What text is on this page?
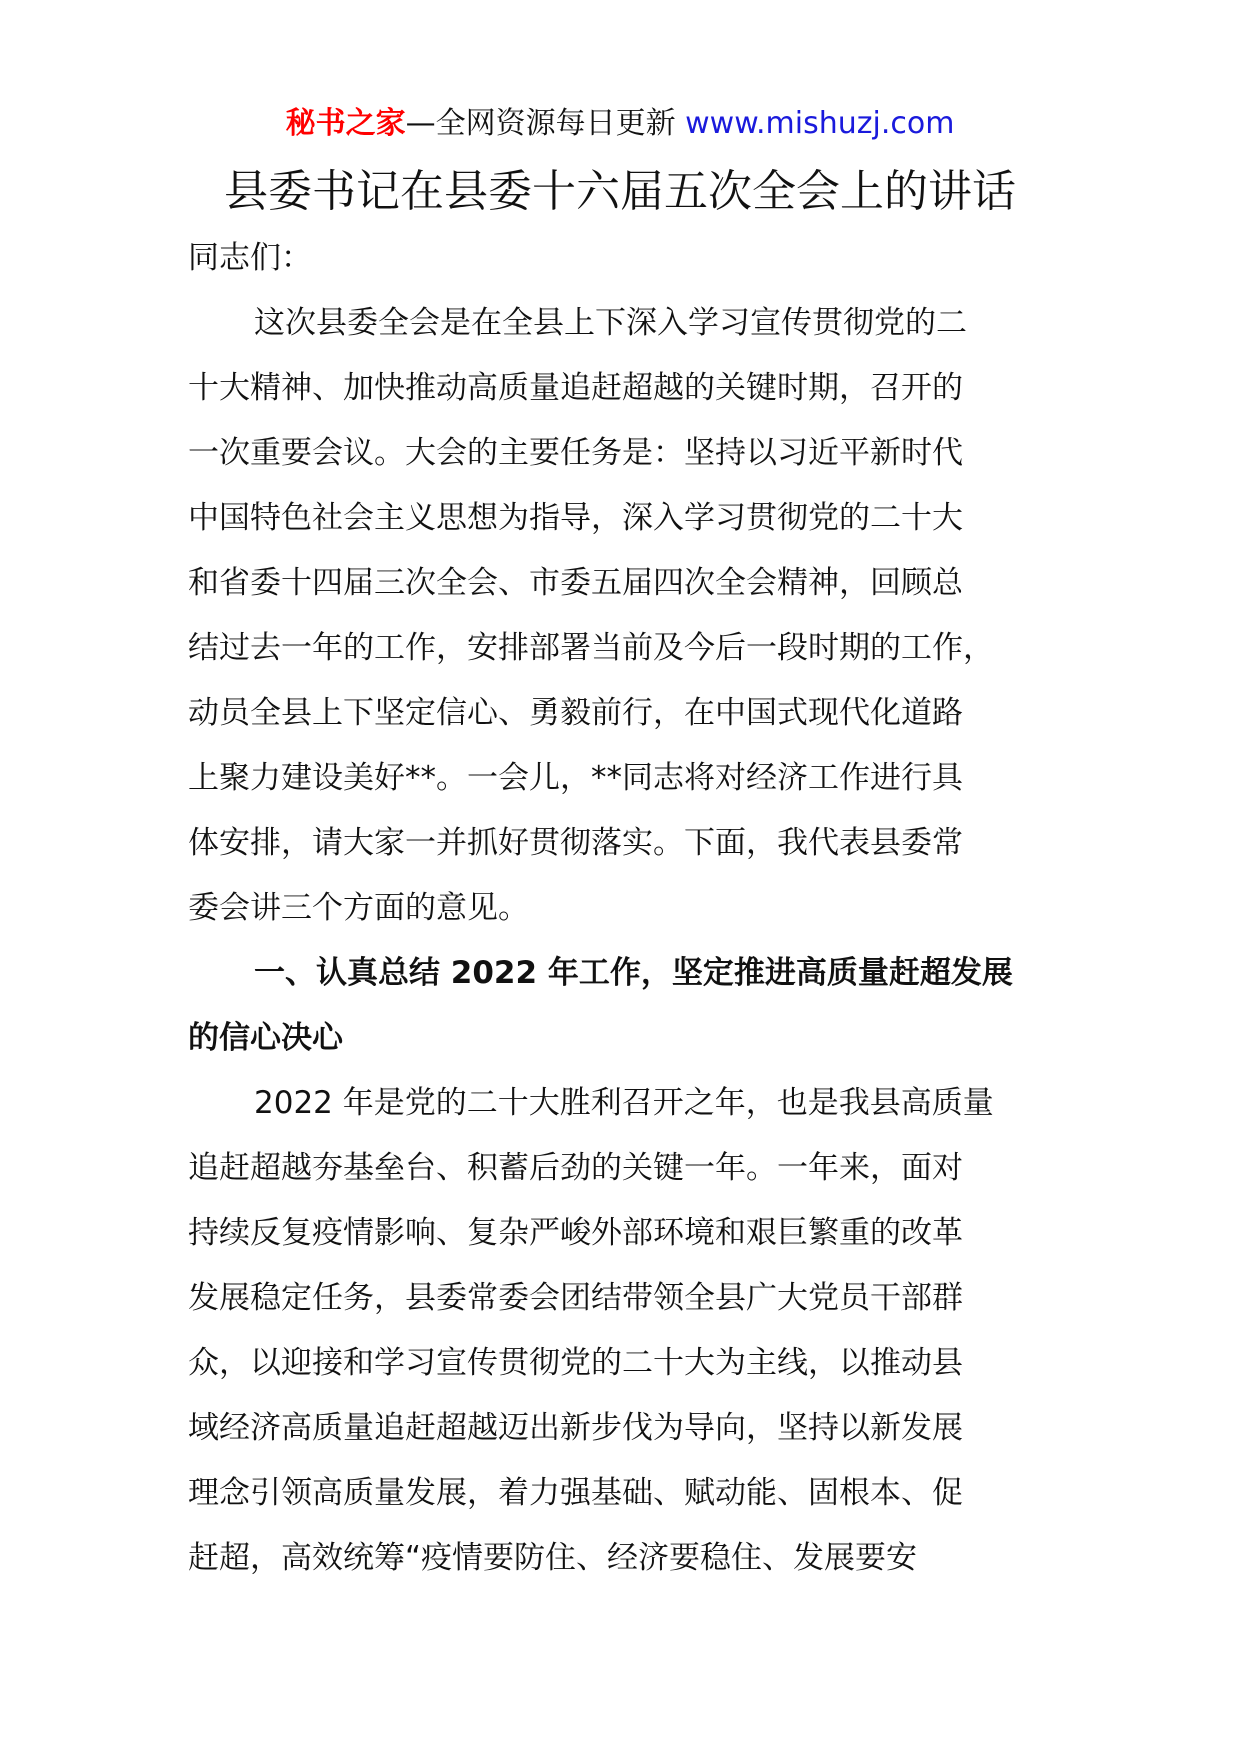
秘书之家—全网资源每日更新 www.mishuzj.com
县委书记在县委十六届五次全会上的讲话
同志们：
这次县委全会是在全县上下深入学习宣传贯彻党的二
十大精神、加快推动高质量追赶超越的关键时期，召开的
一次重要会议。大会的主要任务是：坚持以习近平新时代
中国特色社会主义思想为指导，深入学习贯彻党的二十大
和省委十四届三次全会、市委五届四次全会精神，回顾总
结过去一年的工作，安排部署当前及今后一段时期的工作，
动员全县上下坚定信心、勇毅前行，在中国式现代化道路
上聚力建设美好**。一会儿，**同志将对经济工作进行具
体安排，请大家一并抓好贯彻落实。下面，我代表县委常
委会讲三个方面的意见。
一、认真总结 2022 年工作，坚定推进高质量赶超发展
的信心决心
2022 年是党的二十大胜利召开之年，也是我县高质量
追赶超越夯基垒台、积蓄后劲的关键一年。一年来，面对
持续反复疫情影响、复杂严峻外部环境和艰巨繁重的改革
发展稳定任务，县委常委会团结带领全县广大党员干部群
众，以迎接和学习宣传贯彻党的二十大为主线，以推动县
域经济高质量追赶超越迈出新步伐为导向，坚持以新发展
理念引领高质量发展，着力强基础、赋动能、固根本、促
赶超，高效统筹“疫情要防住、经济要稳住、发展要安
